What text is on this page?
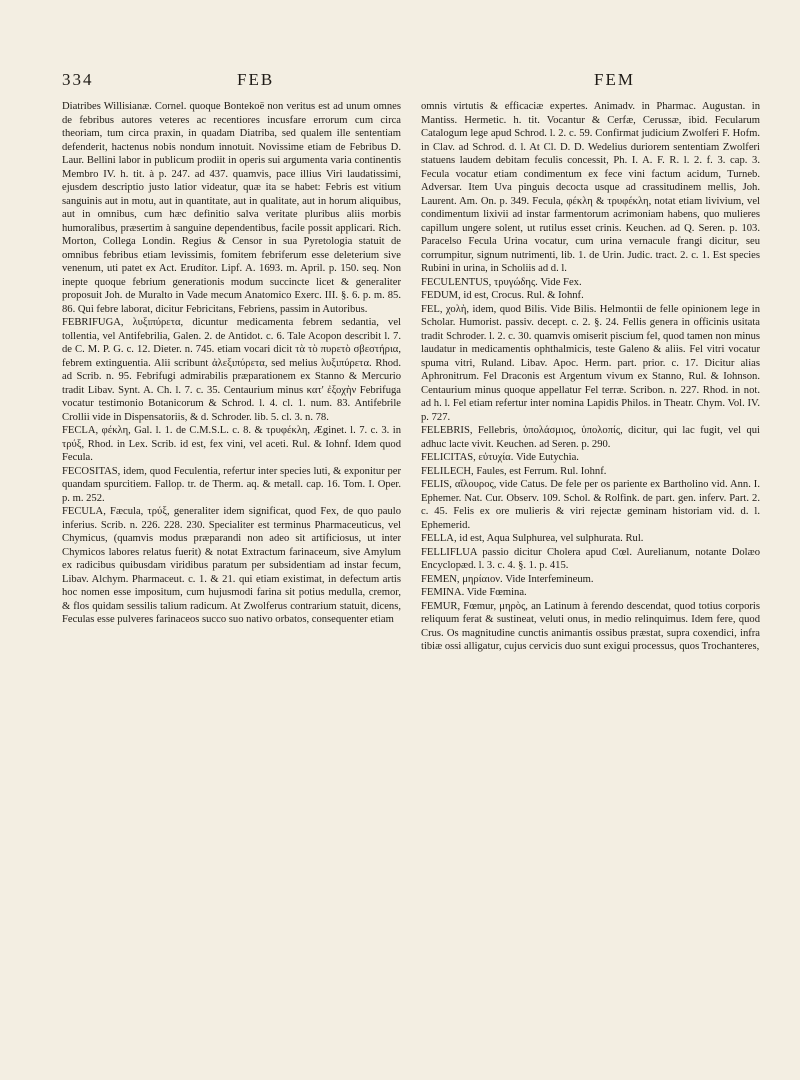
334	FEB	FEM

Diatribes Willisianæ. Cornel. quoque Bontekoë non veritus est ad unum omnes de febribus autores veteres ac recentiores incusfare errorum cum circa theoriam, tum circa praxin, in quadam Diatriba, sed qualem ille sententiam defenderit, hactenus nobis nondum innotuit. Novissime etiam de Febribus D. Laur. Bellini labor in publicum prodiit in operis sui argumenta varia continentis Membro IV. h. tit. à p. 247. ad 437. quamvis, pace illius Viri laudatissimi, ejusdem descriptio justo latior videatur, quæ ita se habet: Febris est vitium sanguinis aut in motu, aut in quantitate, aut in qualitate, aut in horum aliquibus, aut in omnibus, cum hæc definitio salva veritate pluribus aliis morbis humoralibus, præsertim à sanguine dependentibus, facile possit applicari. Rich. Morton, Collega Londin. Regius & Censor in sua Pyretologia statuit de omnibus febribus etiam levissimis, fomitem febriferum esse deleterium sive venenum, uti patet ex Act. Erudítor. Lipf. A. 1693. m. April. p. 150. seq. Non inepte quoque febrium generationis modum succincte licet & generaliter proposuit Joh. de Muralto in Vade mecum Anatomico Exerc. III. §. 6. p. m. 85. 86. Qui febre laborat, dicitur Febricitans, Febriens, passim in Autoribus.

FEBRIFUGA, λυξιπύρετα, dicuntur medicamenta febrem sedantia, vel tollentia, vel Antifebrilia, Galen. 2. de Antidot. c. 6. Tale Acopon describit l. 7. de C. M. P. G. c. 12. Dieter. n. 745. etiam vocari dicit τὰ τὸ πυρετὸ σβεστήρια, febrem extinguentia. Alii scribunt ἀλεξιπύρετα, sed melius λυξιπύρετα. Rhod. ad Scrib. n. 95. Febrifugi admirabilis præparationem ex Stanno & Mercurio tradit Libav. Synt. A. Ch. l. 7. c. 35. Centaurium minus κατ' ἐξοχὴν Febrifuga vocatur testimonio Botanicorum & Schrod. l. 4. cl. 1. num. 83. Antifebrile Crollii vide in Dispensatoriis, & d. Schroder. lib. 5. cl. 3. n. 78.

FECLA, φέκλη, Gal. l. 1. de C.M.S.L. c. 8. & τρυφέκλη, Æginet. l. 7. c. 3. in τρύξ, Rhod. in Lex. Scrib. id est, fex vini, vel aceti. Rul. & Iohnf. Idem quod Fecula.

FECOSITAS, idem, quod Feculentia, refertur inter species luti, & exponitur per quandam spurcitiem. Fallop. tr. de Therm. aq. & metall. cap. 16. Tom. I. Oper. p. m. 252.

FECULA, Fæcula, τρύξ, generaliter idem significat, quod Fex, de quo paulo inferius. Scrib. n. 226. 228. 230. Specialiter est terminus Pharmaceuticus, vel Chymicus, (quamvis modus præparandi non adeo sit artificiosus, ut inter Chymicos labores relatus fuerit) & notat Extractum farinaceum, sive Amylum ex radicibus quibusdam viridibus paratum per subsidentiam ad instar fecum, Libav. Alchym. Pharmaceut. c. 1. & 21. qui etiam existimat, in defectum artis hoc nomen esse impositum, cum hujusmodi farina sit potius medulla, cremor, & flos quidam sessilis talium radicum. At Zwolferus contrarium statuit, dicens, Feculas esse pulveres farinaceos succo suo nativo orbatos, consequenter etiam

omnis virtutis & efficaciæ expertes. Animadv. in Pharmac. Augustan. in Mantiss. Hermetic. h. tit. Vocantur & Cerfæ, Cerussæ, ibid. Fecularum Catalogum lege apud Schrod. l. 2. c. 59. Confirmat judicium Zwolferi F. Hofm. in Clav. ad Schrod. d. l. At Cl. D. D. Wedelius duriorem sententiam Zwolferi statuens laudem debitam feculis concessit, Ph. I. A. F. R. l. 2. f. 3. cap. 3. Fecula vocatur etiam condimentum ex fece vini factum acidum, Turneb. Adversar. Item Uva pinguis decocta usque ad crassitudinem mellis, Joh. Laurent. Am. On. p. 349. Fecula, φέκλη & τρυφέκλη, notat etiam livivium, vel condimentum lixivii ad instar farmentorum acrimoniam habens, quo mulieres capillum ungere solent, ut rutilus esset crinis. Keuchen. ad Q. Seren. p. 103. Paracelso Fecula Urina vocatur, cum urina vernacule frangi dicitur, seu corrumpitur, signum nutrimenti, lib. 1. de Urin. Judic. tract. 2. c. 1. Est species Rubini in urina, in Scholiis ad d. l.

FECULENTUS, τρυγώδης. Vide Fex.

FEDUM, id est, Crocus. Rul. & Iohnf.

FEL, χολὴ, idem, quod Bilis. Vide Bilis. Helmontii de felle opinionem lege in Scholar. Humorist. passiv. decept. c. 2. §. 24. Fellis genera in officinis usitata tradit Schroder. l. 2. c. 30. quamvis omiserit piscium fel, quod tamen non minus laudatur in medicamentis ophthalmicis, teste Galeno & aliis. Fel vitri vocatur spuma vitri, Ruland. Libav. Apoc. Herm. part. prior. c. 17. Dicitur alias Aphronitrum. Fel Draconis est Argentum vivum ex Stanno, Rul. & Iohnson. Centaurium minus quoque appellatur Fel terræ. Scribon. n. 227. Rhod. in not. ad h. l. Fel etiam refertur inter nomina Lapidis Philos. in Theatr. Chym. Vol. IV. p. 727.

FELEBRIS, Fellebris, ὑπολάσμιος, ὑπολοπίς, dicitur, qui lac fugit, vel qui adhuc lacte vivit. Keuchen. ad Seren. p. 290.

FELICITAS, εὐτυχία. Vide Eutychia.

FELILECH, Faules, est Ferrum. Rul. Iohnf.

FELIS, αἴλουρος, vide Catus. De fele per os pariente ex Bartholino vid. Ann. I. Ephemer. Nat. Cur. Observ. 109. Schol. & Rolfink. de part. gen. inferv. Part. 2. c. 45. Felis ex ore mulieris & viri rejectæ geminam historiam vid. d. l. Ephemerid.

FELLA, id est, Aqua Sulphurea, vel sulphurata. Rul.

FELLIFLUA passio dicitur Cholera apud Cœl. Aurelianum, notante Dolæo Encyclopæd. l. 3. c. 4. §. 1. p. 415.

FEMEN, μηρίαιον. Vide Interfemineum.

FEMINA. Vide Fœmina.

FEMUR, Fœmur, μηρὸς, an Latinum à ferendo descendat, quod totius corporis reliquum ferat & sustineat, veluti onus, in medio relinquimus. Idem fere, quod Crus. Os magnitudine cunctis animantis ossibus præstat, supra coxendici, infra tibiæ ossi alligatur, cujus cervicis duo sunt exigui processus, quos Trochanteres,
